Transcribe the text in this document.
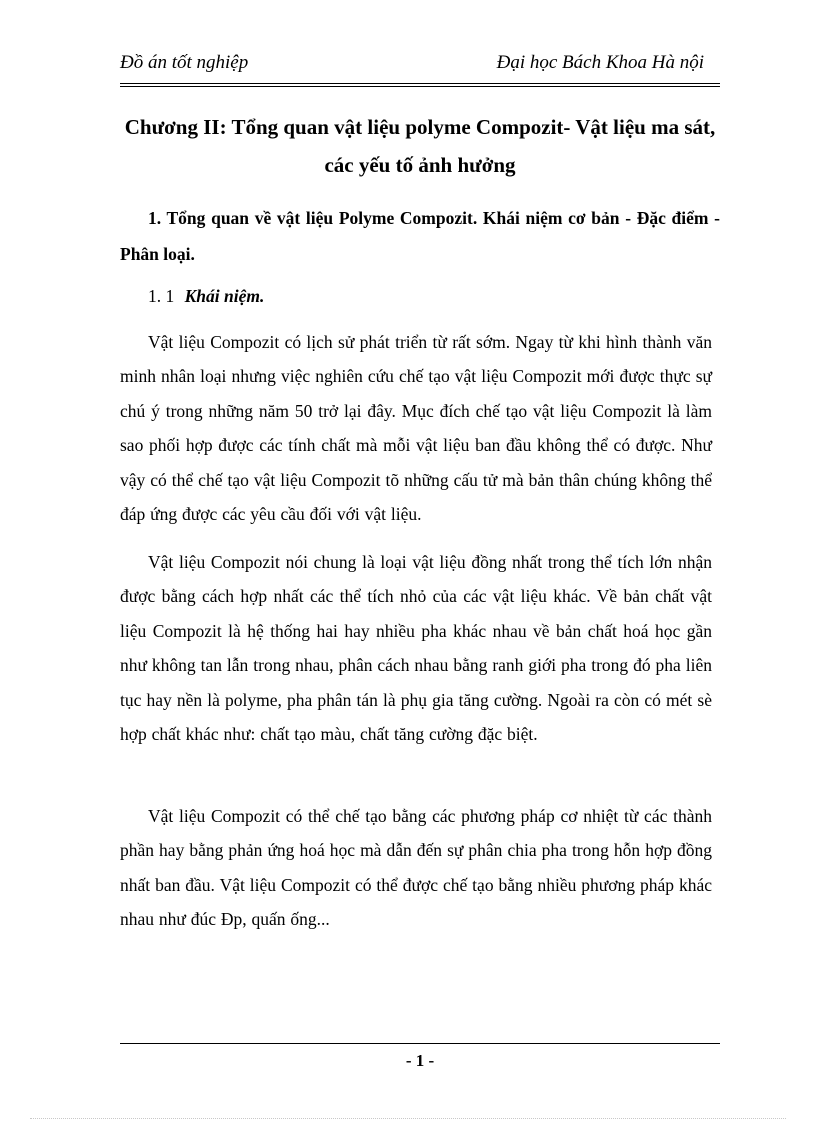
Đồ án tốt nghiệp	Đại học Bách Khoa Hà nội
Chương II: Tổng quan vật liệu polyme Compozit- Vật liệu ma sát, các yếu tố ảnh hưởng
1. Tổng quan về vật liệu Polyme Compozit. Khái niệm cơ bản - Đặc điểm - Phân loại.
1. 1 Khái niệm.
Vật liệu Compozit có lịch sử phát triển từ rất sớm. Ngay từ khi hình thành văn minh nhân loại nhưng việc nghiên cứu chế tạo vật liệu Compozit mới được thực sự chú ý trong những năm 50 trở lại đây. Mục đích chế tạo vật liệu Compozit là làm sao phối hợp được các tính chất mà mỗi vật liệu ban đầu không thể có được. Như vậy có thể chế tạo vật liệu Compozit tõ những cấu tử mà bản thân chúng không thể đáp ứng được các yêu cầu đối với vật liệu.
Vật liệu Compozit nói chung là loại vật liệu đồng nhất trong thể tích lớn nhận được bằng cách hợp nhất các thể tích nhỏ của các vật liệu khác. Về bản chất vật liệu Compozit là hệ thống hai hay nhiều pha khác nhau về bản chất hoá học gần như không tan lẫn trong nhau, phân cách nhau bằng ranh giới pha trong đó pha liên tục hay nền là polyme, pha phân tán là phụ gia tăng cường. Ngoài ra còn có mét sè hợp chất khác như: chất tạo màu, chất tăng cường đặc biệt.
Vật liệu Compozit có thể chế tạo bằng các phương pháp cơ nhiệt từ các thành phần hay bằng phản ứng hoá học mà dẫn đến sự phân chia pha trong hỗn hợp đồng nhất ban đầu. Vật liệu Compozit có thể được chế tạo bằng nhiều phương pháp khác nhau như đúc Đp, quấn ống...
- 1 -
